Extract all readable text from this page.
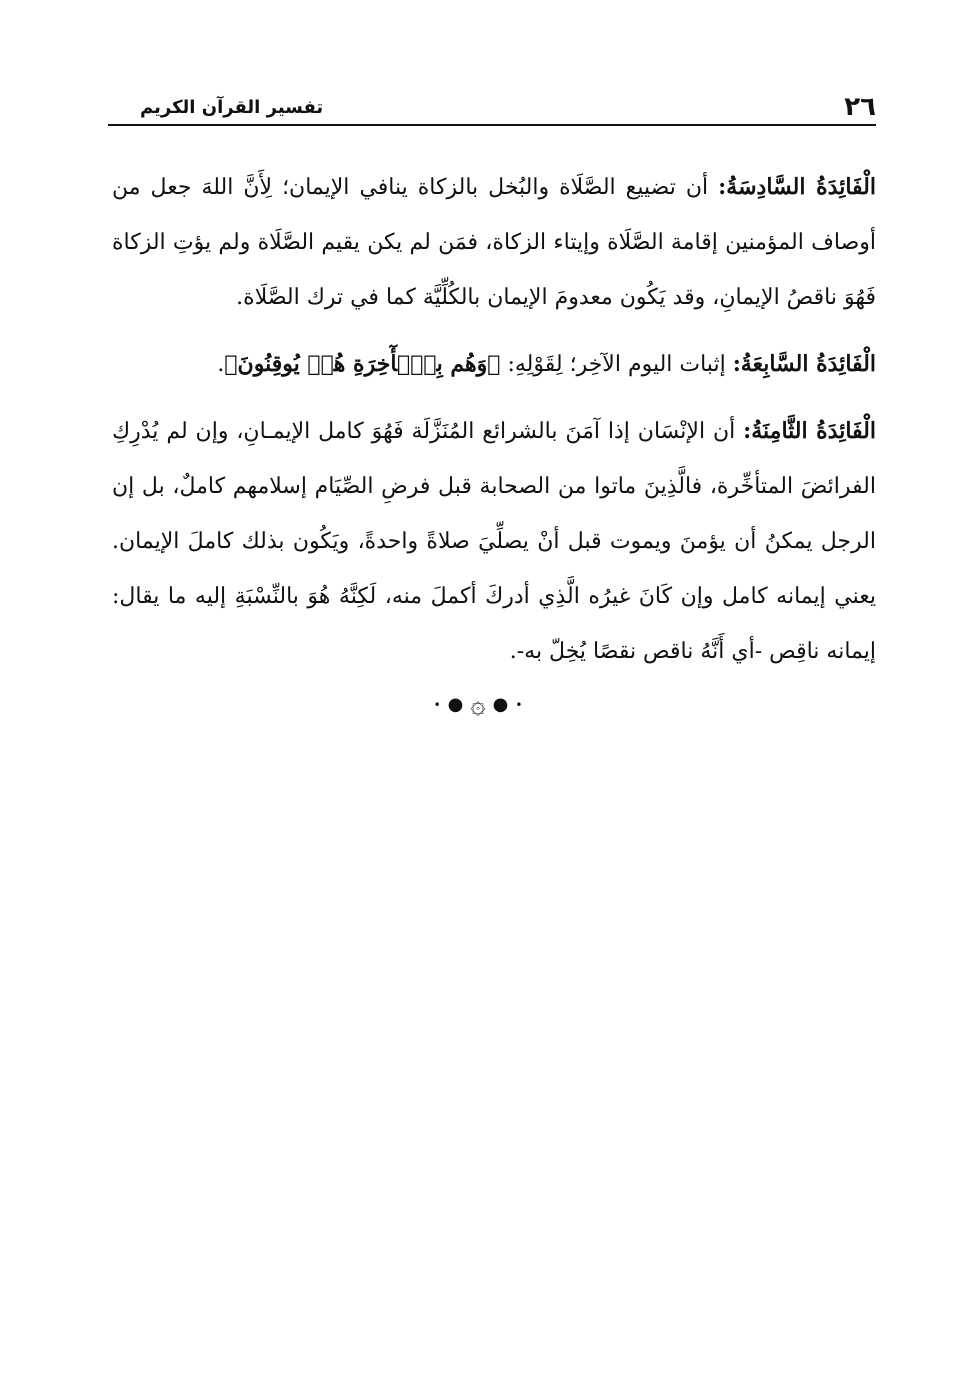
٢٦
تفسير القرآن الكريم

الْفَائِدَةُ السَّادِسَةُ: أن تضييع الصَّلَاة والبُخل بالزكاة ينافي الإيمان؛ لِأَنَّ اللهَ جعل من أوصاف المؤمنين إقامة الصَّلَاة وإيتاء الزكاة، فمَن لم يكن يقيم الصَّلَاة ولم يؤتِ الزكاة فَهُوَ ناقصُ الإيمانِ، وقد يَكُون معدومَ الإيمان بالكُلِّيَّة كما في ترك الصَّلَاة.

الْفَائِدَةُ السَّابِعَةُ: إثبات اليوم الآخِر؛ لِقَوْلِهِ: ﴿وَهُم بِٱلۡأٓخِرَةِ هُمۡ يُوقِنُونَ﴾.

الْفَائِدَةُ الثَّامِنَةُ: أن الإنْسَان إذا آمَنَ بالشرائع المُنَزَّلَة فَهُوَ كامل الإيمـانِ، وإن لم يُدْرِكِ الفرائضَ المتأخِّرة، فالَّذِينَ ماتوا من الصحابة قبل فرضِ الصِّيَام إسلامهم كاملٌ، بل إن الرجل يمكنُ أن يؤمنَ ويموت قبل أنْ يصلِّيَ صلاةً واحدةً، ويَكُون بذلك كاملَ الإيمان. يعني إيمانه كامل وإن كَانَ غيرُه الَّذِي أدركَ أكملَ منه، لَكِنَّهُ هُوَ بالنِّسْبَةِ إليه ما يقال: إيمانه ناقِص -أي أَنَّهُ ناقص نقصًا يُخِلّ به-.

• ● ۞ ● •
